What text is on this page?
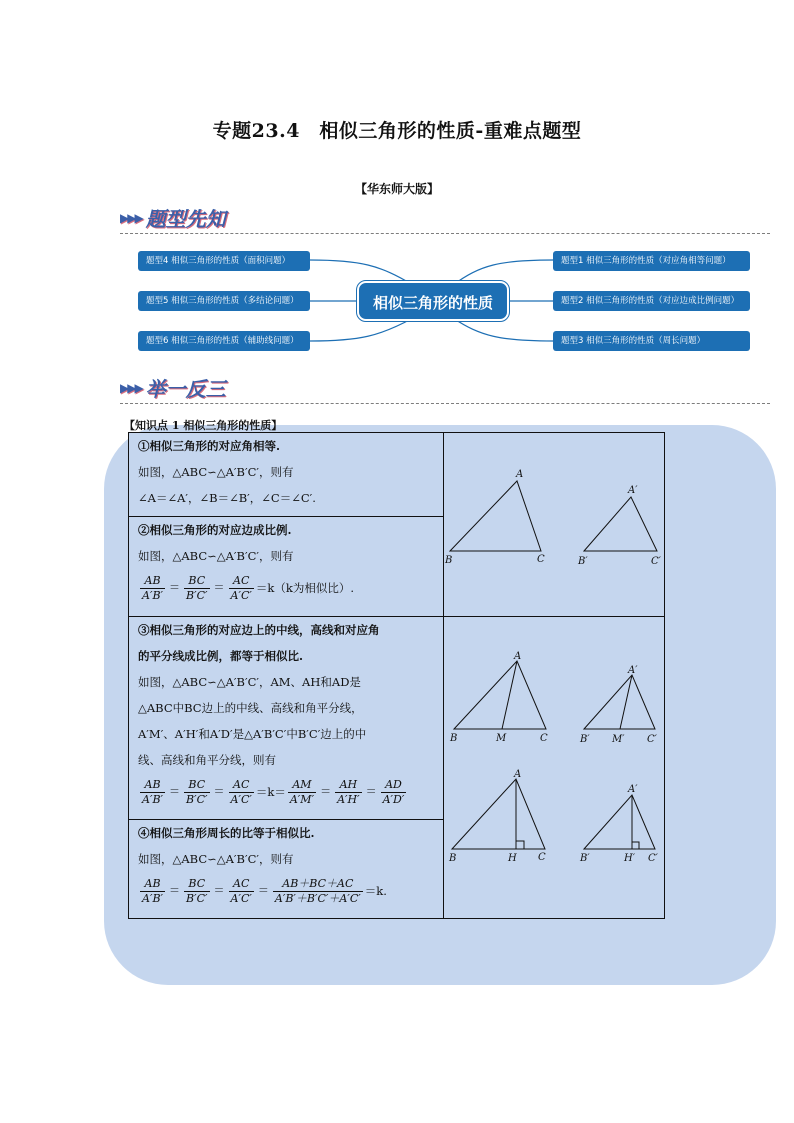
专题23.4　相似三角形的性质-重难点题型
【华东师大版】
▶▶▶ 题型先知
题型4 相似三角形的性质（面积问题）
题型5 相似三角形的性质（多结论问题）
题型6 相似三角形的性质（辅助线问题）
相似三角形的性质
题型1 相似三角形的性质（对应角相等问题）
题型2 相似三角形的性质（对应边成比例问题）
题型3 相似三角形的性质（周长问题）
▶▶▶ 举一反三
【知识点 1 相似三角形的性质】
①相似三角形的对应角相等.
如图，△ABC∽△A′B′C′，则有
∠A＝∠A′，∠B＝∠B′，∠C＝∠C′.
②相似三角形的对应边成比例.
如图，△ABC∽△A′B′C′，则有
$\frac{AB}{A'B'} = \frac{BC}{B'C'} = \frac{AC}{A'C'} =k(k$为相似比）.
③相似三角形的对应边上的中线，高线和对应角
的平分线成比例，都等于相似比.
如图，△ABC∽△A′B′C′，AM、AH和AD是
△ABC中BC边上的中线、高线和角平分线，
A′M′、A′H′和A′D′是△A′B′C′中B′C′边上的中
线、高线和角平分线，则有
$\frac{AB}{A'B'} = \frac{BC}{B'C'} = \frac{AC}{A'C'} =k= \frac{AM}{A'M'} = \frac{AH}{A'H'} = \frac{AD}{A'D'}$
④相似三角形周长的比等于相似比.
如图，△ABC∽△A′B′C′，则有
$\frac{AB}{A'B'} = \frac{BC}{B'C'} = \frac{AC}{A'C'} = \frac{AB+BC+AC}{A'B'+B'C'+A'C'} =k$.
A
B	C
A′
B′	C′
A
B	M	C
A′
B′ M′ C′
A
B	H C
A′
B′	H′ C′
